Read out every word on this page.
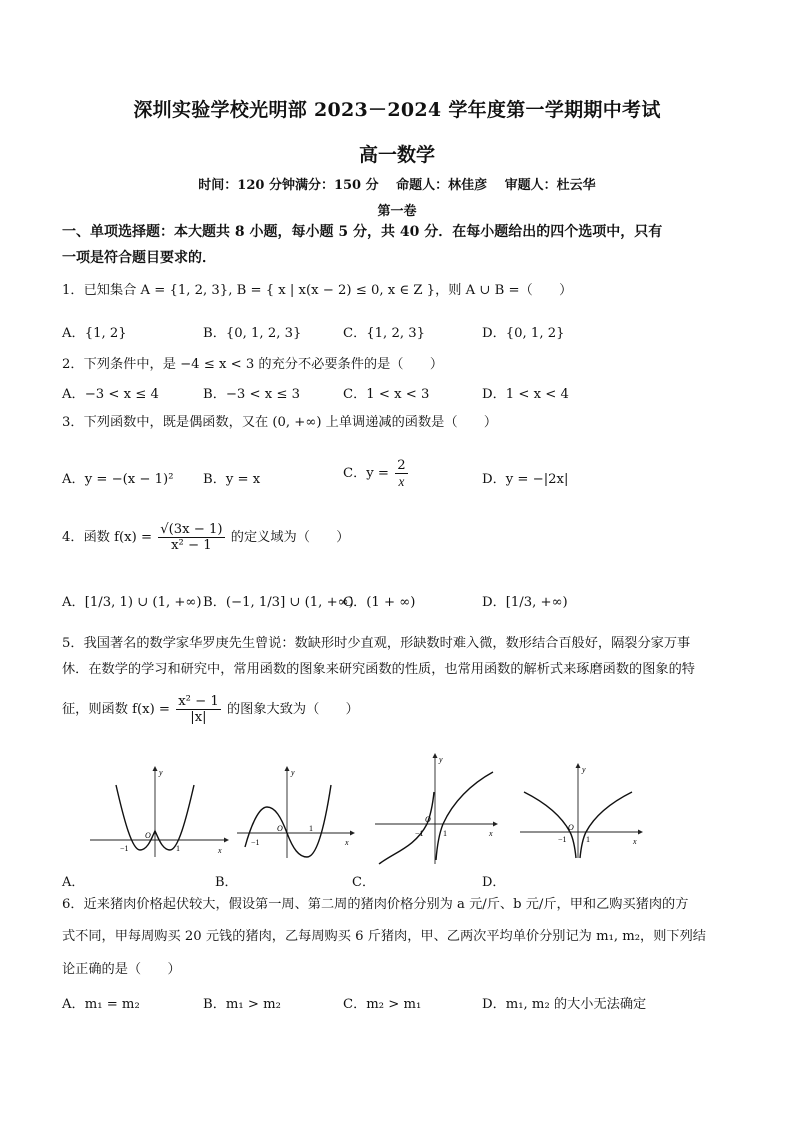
深圳实验学校光明部 2023－2024 学年度第一学期期中考试
高一数学
时间：120 分钟满分：150 分　 命题人：林佳彦　 审题人：杜云华
第一卷
一、单项选择题：本大题共 8 小题，每小题 5 分，共 40 分．在每小题给出的四个选项中，只有
一项是符合题目要求的．
1．已知集合 A = {1, 2, 3}, B = { x | x(x − 2) ≤ 0, x ∈ Z }，则 A ∪ B =（　　）
A．{1, 2}	B．{0, 1, 2, 3}	C．{1, 2, 3}	D．{0, 1, 2}
2．下列条件中，是 −4 ≤ x < 3 的充分不必要条件的是（　　）
A．−3 < x ≤ 4	B．−3 < x ≤ 3	C．1 < x < 3	D．1 < x < 4
3．下列函数中，既是偶函数，又在 (0, +∞) 上单调递减的函数是（　　）
A．y = −(x − 1)² B．y = x	C．$y = \frac{2}{x}$	D．y = −|2x|
4．函数 $f(x) = \frac{√(3x - 1)}{\text{x² − 1}}$ 的定义域为（　　）
A．[1/3, 1) ∪ (1, +∞) B．(−1, 1/3] ∪ (1, +∞)
C．(1 + ∞)	D．[1/3, +∞)
5．我国著名的数学家华罗庚先生曾说：数缺形时少直观，形缺数时难入微，数形结合百般好，隔裂分家万事
休．在数学的学习和研究中，常用函数的图象来研究函数的性质，也常用函数的解析式来琢磨函数的图象的特
征，则函数 $f(x) = \frac{\text{x² − 1}}{|x|}$ 的图象大致为（　　）
y
x
O
−1	1
A．
y
x
O
−1
1
B．
y
x
O
−1 1
C．
y
x
O
−1 1
D．
6．近来猪肉价格起伏较大，假设第一周、第二周的猪肉价格分别为 a 元/斤、b 元/斤，甲和乙购买猪肉的方
式不同，甲每周购买 20 元钱的猪肉，乙每周购买 6 斤猪肉，甲、乙两次平均单价分别记为 m₁, m₂，则下列结
论正确的是（　　）
A．m₁ = m₂	B．m₁ > m₂	C．m₂ > m₁	D．m₁, m₂ 的大小无法确定
